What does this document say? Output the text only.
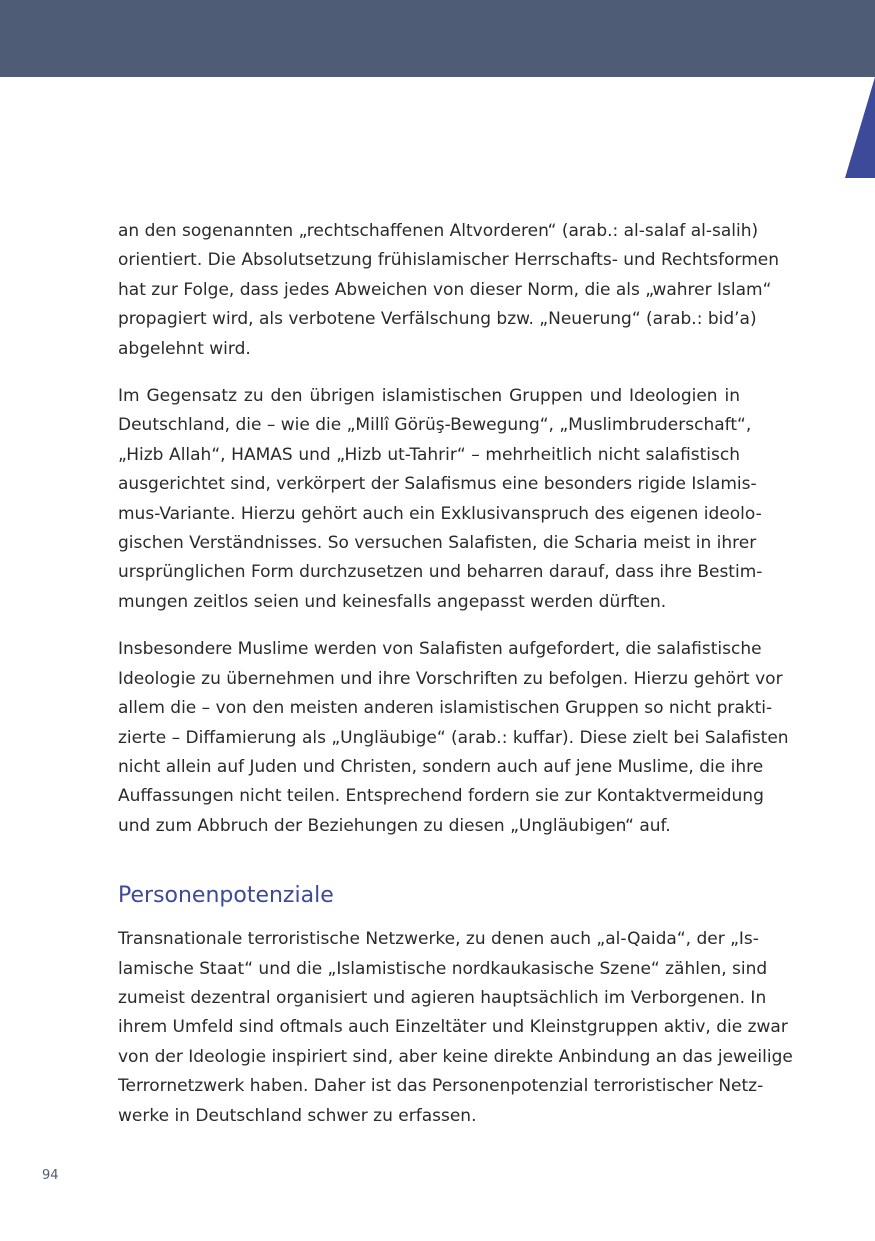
an den sogenannten „rechtschaffenen Altvorderen“ (arab.: al-salaf al-salih)
orientiert. Die Absolutsetzung frühislamischer Herrschafts- und Rechtsformen
hat zur Folge, dass jedes Abweichen von dieser Norm, die als „wahrer Islam“
propagiert wird, als verbotene Verfälschung bzw. „Neuerung“ (arab.: bid’a)
abgelehnt wird.

Im Gegensatz zu den übrigen islamistischen Gruppen und Ideologien in
Deutschland, die – wie die „Millî Görüş-Bewegung“, „Muslimbruderschaft“,
„Hizb Allah“, HAMAS und „Hizb ut-Tahrir“ – mehrheitlich nicht salafistisch
ausgerichtet sind, verkörpert der Salafismus eine besonders rigide Islamis-
mus-Variante. Hierzu gehört auch ein Exklusivanspruch des eigenen ideolo-
gischen Verständnisses. So versuchen Salafisten, die Scharia meist in ihrer
ursprünglichen Form durchzusetzen und beharren darauf, dass ihre Bestim-
mungen zeitlos seien und keinesfalls angepasst werden dürften.

Insbesondere Muslime werden von Salafisten aufgefordert, die salafistische
Ideologie zu übernehmen und ihre Vorschriften zu befolgen. Hierzu gehört vor
allem die – von den meisten anderen islamistischen Gruppen so nicht prakti-
zierte – Diffamierung als „Ungläubige“ (arab.: kuffar). Diese zielt bei Salafisten
nicht allein auf Juden und Christen, sondern auch auf jene Muslime, die ihre
Auffassungen nicht teilen. Entsprechend fordern sie zur Kontaktvermeidung
und zum Abbruch der Beziehungen zu diesen „Ungläubigen“ auf.

Personenpotenziale

Transnationale terroristische Netzwerke, zu denen auch „al-Qaida“, der „Is-
lamische Staat“ und die „Islamistische nordkaukasische Szene“ zählen, sind
zumeist dezentral organisiert und agieren hauptsächlich im Verborgenen. In
ihrem Umfeld sind oftmals auch Einzeltäter und Kleinstgruppen aktiv, die zwar
von der Ideologie inspiriert sind, aber keine direkte Anbindung an das jeweilige
Terrornetzwerk haben. Daher ist das Personenpotenzial terroristischer Netz-
werke in Deutschland schwer zu erfassen.

94
